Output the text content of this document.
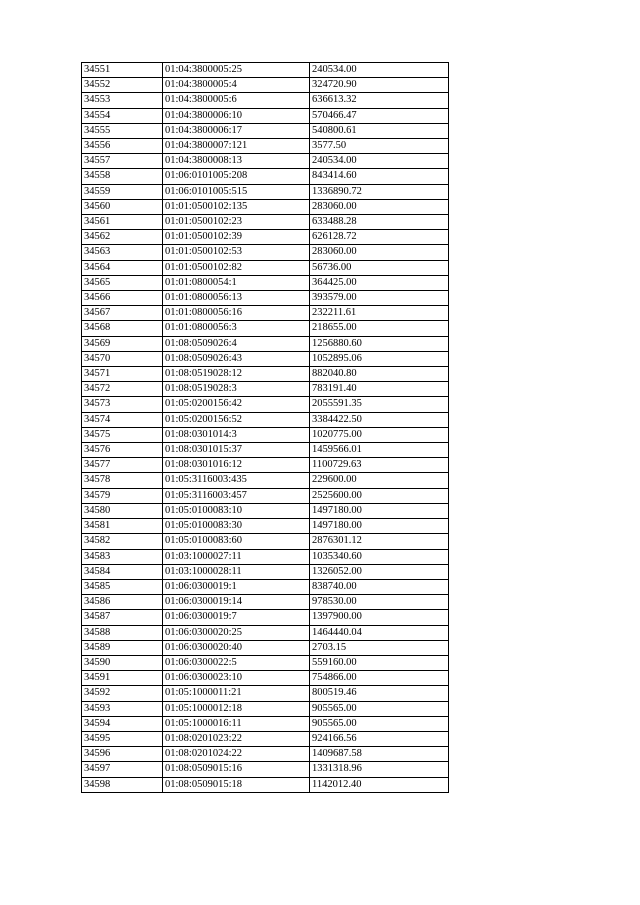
34551	01:04:3800005:25	240534.00
34552	01:04:3800005:4	324720.90
34553	01:04:3800005:6	636613.32
34554	01:04:3800006:10	570466.47
34555	01:04:3800006:17	540800.61
34556	01:04:3800007:121	3577.50
34557	01:04:3800008:13	240534.00
34558	01:06:0101005:208	843414.60
34559	01:06:0101005:515	1336890.72
34560	01:01:0500102:135	283060.00
34561	01:01:0500102:23	633488.28
34562	01:01:0500102:39	626128.72
34563	01:01:0500102:53	283060.00
34564	01:01:0500102:82	56736.00
34565	01:01:0800054:1	364425.00
34566	01:01:0800056:13	393579.00
34567	01:01:0800056:16	232211.61
34568	01:01:0800056:3	218655.00
34569	01:08:0509026:4	1256880.60
34570	01:08:0509026:43	1052895.06
34571	01:08:0519028:12	882040.80
34572	01:08:0519028:3	783191.40
34573	01:05:0200156:42	2055591.35
34574	01:05:0200156:52	3384422.50
34575	01:08:0301014:3	1020775.00
34576	01:08:0301015:37	1459566.01
34577	01:08:0301016:12	1100729.63
34578	01:05:3116003:435	229600.00
34579	01:05:3116003:457	2525600.00
34580	01:05:0100083:10	1497180.00
34581	01:05:0100083:30	1497180.00
34582	01:05:0100083:60	2876301.12
34583	01:03:1000027:11	1035340.60
34584	01:03:1000028:11	1326052.00
34585	01:06:0300019:1	838740.00
34586	01:06:0300019:14	978530.00
34587	01:06:0300019:7	1397900.00
34588	01:06:0300020:25	1464440.04
34589	01:06:0300020:40	2703.15
34590	01:06:0300022:5	559160.00
34591	01:06:0300023:10	754866.00
34592	01:05:1000011:21	800519.46
34593	01:05:1000012:18	905565.00
34594	01:05:1000016:11	905565.00
34595	01:08:0201023:22	924166.56
34596	01:08:0201024:22	1409687.58
34597	01:08:0509015:16	1331318.96
34598	01:08:0509015:18	1142012.40
